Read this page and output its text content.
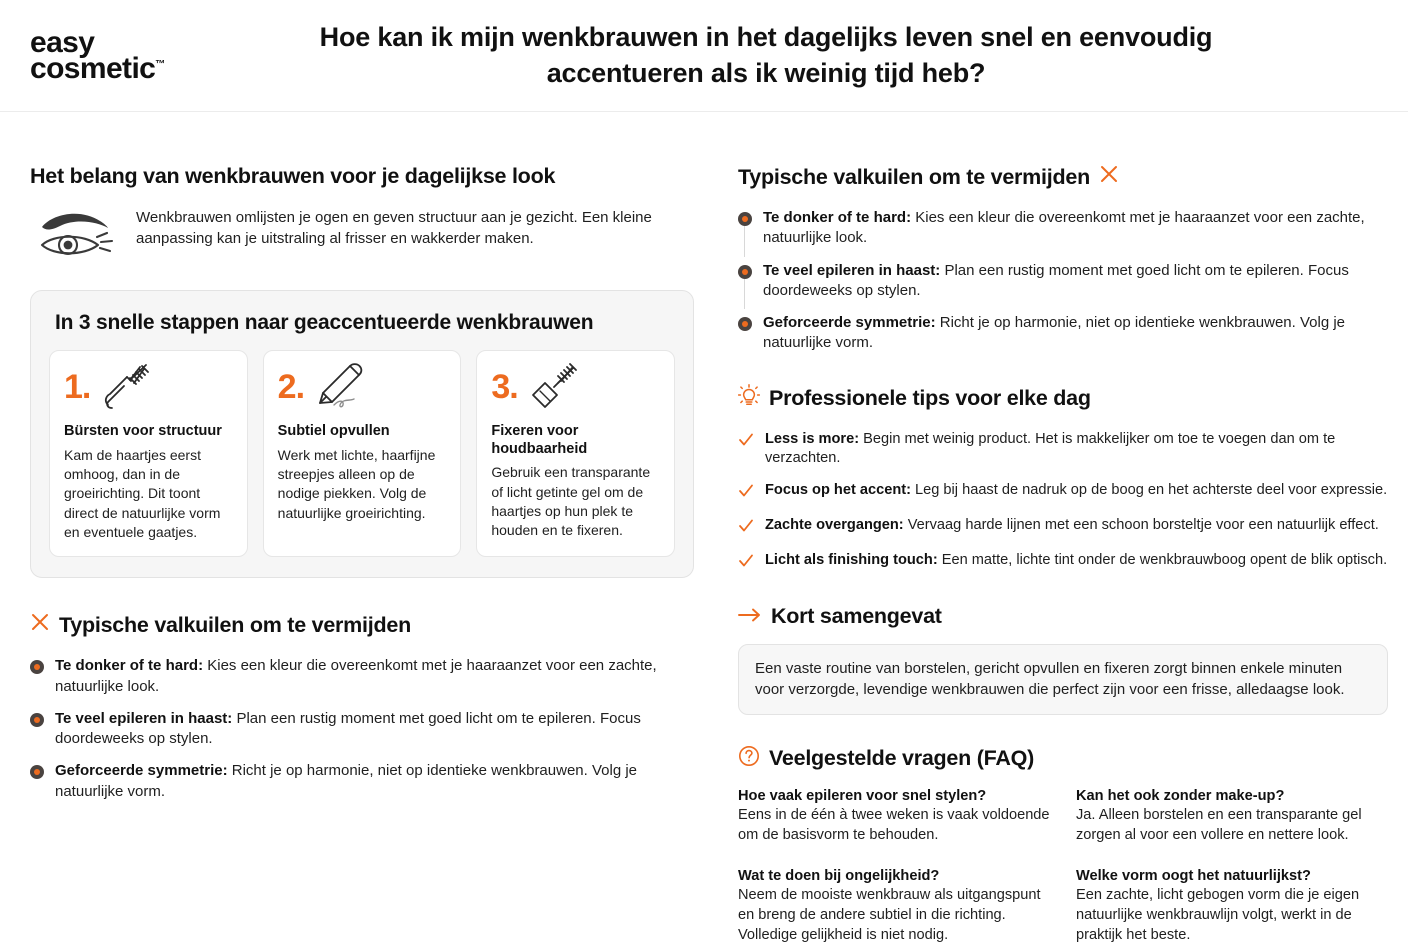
easy
cosmetic™
Hoe kan ik mijn wenkbrauwen in het dagelijks leven snel en eenvoudig accentueren als ik weinig tijd heb?
Het belang van wenkbrauwen voor je dagelijkse look

Wenkbrauwen omlijsten je ogen en geven structuur aan je gezicht. Een kleine aanpassing kan je uitstraling al frisser en wakkerder maken.

In 3 snelle stappen naar geaccentueerde wenkbrauwen
1.
Bürsten voor structuur
Kam de haartjes eerst omhoog, dan in de groeirichting. Dit toont direct de natuurlijke vorm en eventuele gaatjes.
2.
Subtiel opvullen
Werk met lichte, haarfijne streepjes alleen op de nodige piekken. Volg de natuurlijke groeirichting.
3.
Fixeren voor houdbaarheid
Gebruik een transparante of licht getinte gel om de haartjes op hun plek te houden en te fixeren.
Typische valkuilen om te vermijden
Te donker of te hard: Kies een kleur die overeenkomt met je haaraanzet voor een zachte, natuurlijke look.
Te veel epileren in haast: Plan een rustig moment met goed licht om te epileren. Focus doordeweeks op stylen.
Geforceerde symmetrie: Richt je op harmonie, niet op identieke wenkbrauwen. Volg je natuurlijke vorm.
Typische valkuilen om te vermijden
Te donker of te hard: Kies een kleur die overeenkomt met je haaraanzet voor een zachte, natuurlijke look.
Te veel epileren in haast: Plan een rustig moment met goed licht om te epileren. Focus doordeweeks op stylen.
Geforceerde symmetrie: Richt je op harmonie, niet op identieke wenkbrauwen. Volg je natuurlijke vorm.
Professionele tips voor elke dag
Less is more: Begin met weinig product. Het is makkelijker om toe te voegen dan om te verzachten.
Focus op het accent: Leg bij haast de nadruk op de boog en het achterste deel voor expressie.
Zachte overgangen: Vervaag harde lijnen met een schoon borsteltje voor een natuurlijk effect.
Licht als finishing touch: Een matte, lichte tint onder de wenkbrauwboog opent de blik optisch.
Kort samengevat

Een vaste routine van borstelen, gericht opvullen en fixeren zorgt binnen enkele minuten voor verzorgde, levendige wenkbrauwen die perfect zijn voor een frisse, alledaagse look.

Veelgestelde vragen (FAQ)
Hoe vaak epileren voor snel stylen?
Eens in de één à twee weken is vaak voldoende om de basisvorm te behouden.
Kan het ook zonder make-up?
Ja. Alleen borstelen en een transparante gel zorgen al voor een vollere en nettere look.
Wat te doen bij ongelijkheid?
Neem de mooiste wenkbrauw als uitgangspunt en breng de andere subtiel in die richting. Volledige gelijkheid is niet nodig.
Welke vorm oogt het natuurlijkst?
Een zachte, licht gebogen vorm die je eigen natuurlijke wenkbrauwlijn volgt, werkt in de praktijk het beste.
